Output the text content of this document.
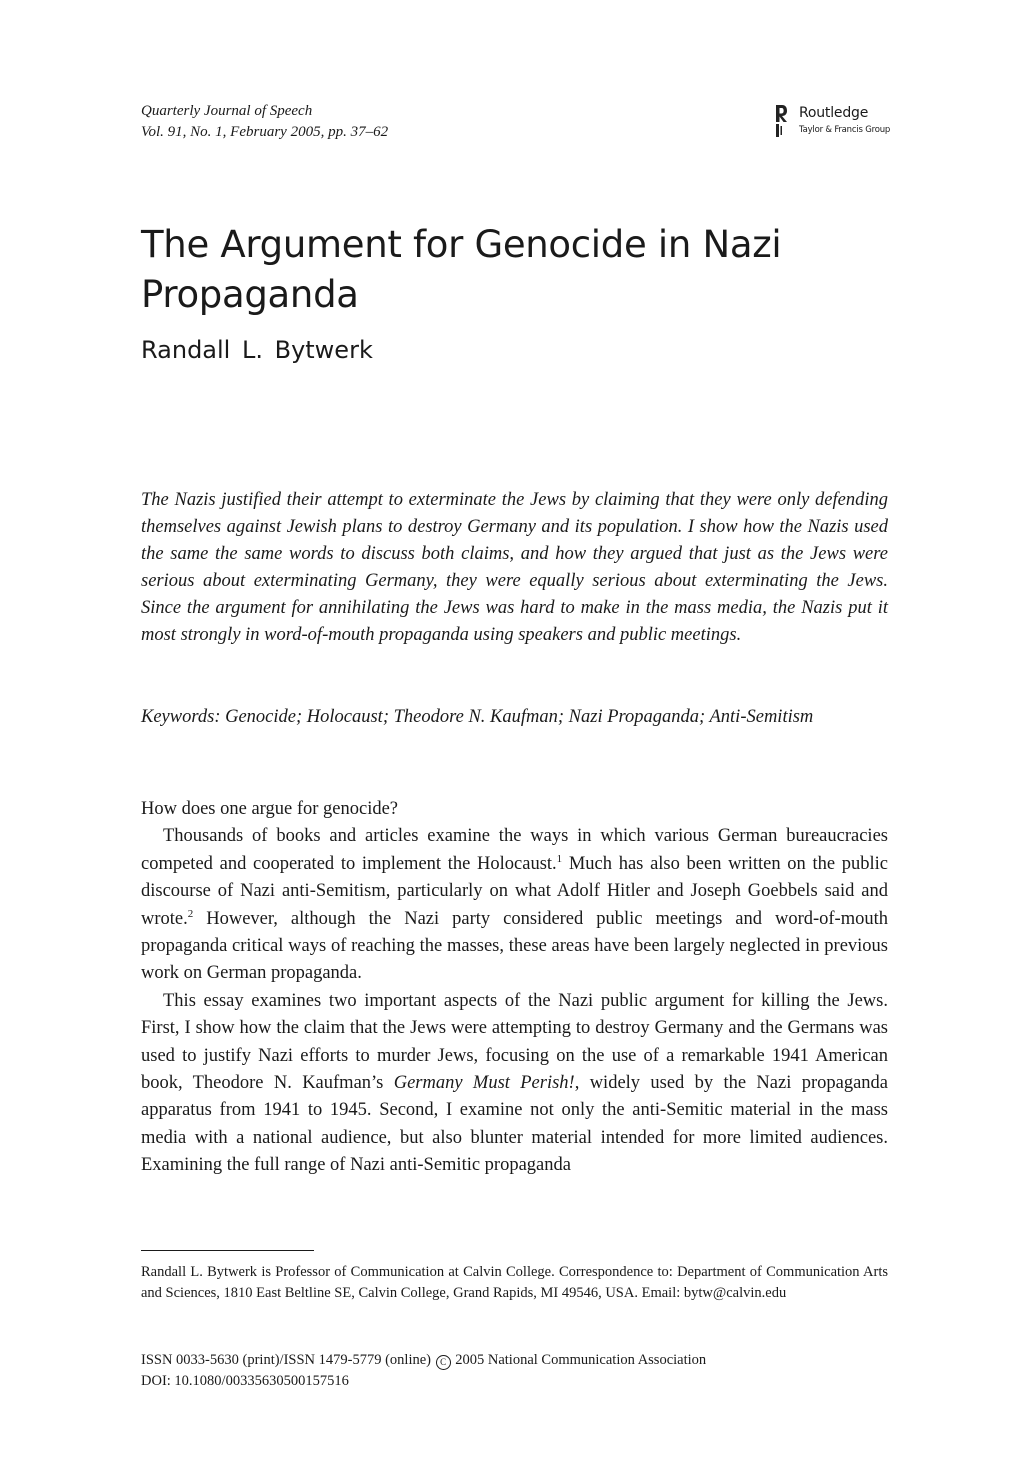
Quarterly Journal of Speech
Vol. 91, No. 1, February 2005, pp. 37–62
Routledge
Taylor & Francis Group
The Argument for Genocide in Nazi Propaganda
Randall L. Bytwerk

The Nazis justified their attempt to exterminate the Jews by claiming that they were only defending themselves against Jewish plans to destroy Germany and its population. I show how the Nazis used the same the same words to discuss both claims, and how they argued that just as the Jews were serious about exterminating Germany, they were equally serious about exterminating the Jews. Since the argument for annihilating the Jews was hard to make in the mass media, the Nazis put it most strongly in word-of-mouth propaganda using speakers and public meetings.

Keywords: Genocide; Holocaust; Theodore N. Kaufman; Nazi Propaganda; Anti-Semitism

How does one argue for genocide?

Thousands of books and articles examine the ways in which various German bureaucracies competed and cooperated to implement the Holocaust.$^1$ Much has also been written on the public discourse of Nazi anti-Semitism, particularly on what Adolf Hitler and Joseph Goebbels said and wrote.$^2$ However, although the Nazi party considered public meetings and word-of-mouth propaganda critical ways of reaching the masses, these areas have been largely neglected in previous work on German propaganda.

This essay examines two important aspects of the Nazi public argument for killing the Jews. First, I show how the claim that the Jews were attempting to destroy Germany and the Germans was used to justify Nazi efforts to murder Jews, focusing on the use of a remarkable 1941 American book, Theodore N. Kaufman’s Germany Must Perish!, widely used by the Nazi propaganda apparatus from 1941 to 1945. Second, I examine not only the anti-Semitic material in the mass media with a national audience, but also blunter material intended for more limited audiences. Examining the full range of Nazi anti-Semitic propaganda

Randall L. Bytwerk is Professor of Communication at Calvin College. Correspondence to: Department of Communication Arts and Sciences, 1810 East Beltline SE, Calvin College, Grand Rapids, MI 49546, USA. Email: bytw@calvin.edu

ISSN 0033-5630 (print)/ISSN 1479-5779 (online) C 2005 National Communication Association
DOI: 10.1080/00335630500157516
